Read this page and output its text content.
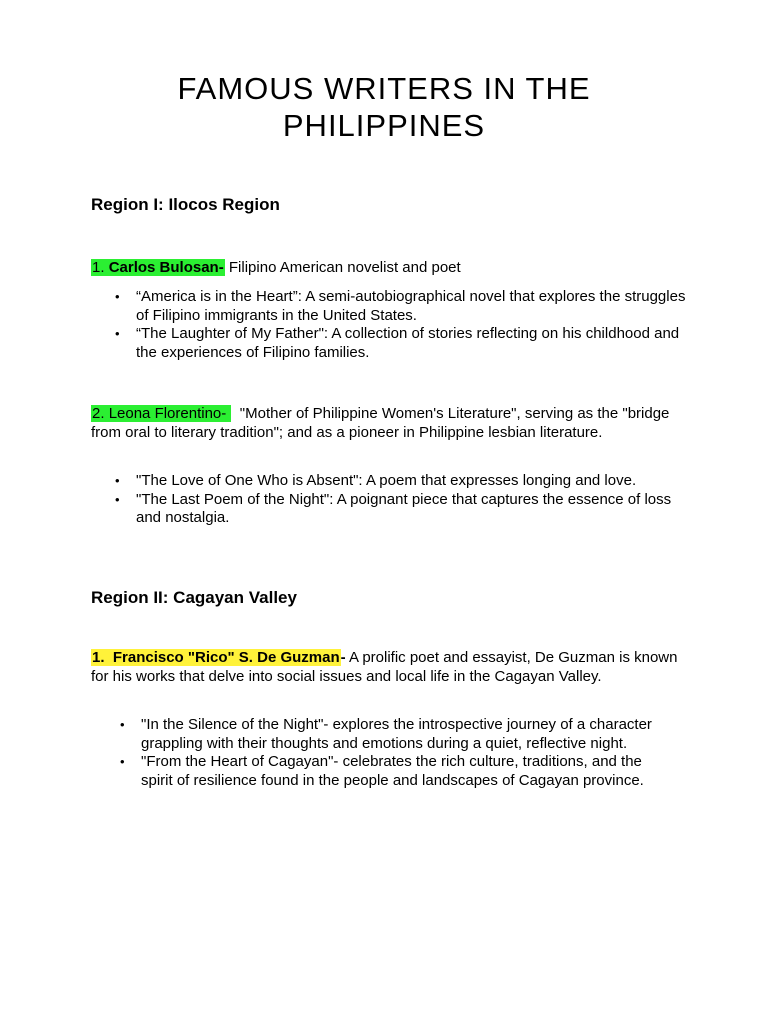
FAMOUS WRITERS IN THE
PHILIPPINES
Region I: Ilocos Region

1. Carlos Bulosan- Filipino American novelist and poet

• “America is in the Heart”: A semi-autobiographical novel that explores the struggles of Filipino immigrants in the United States.
• “The Laughter of My Father": A collection of stories reflecting on his childhood and the experiences of Filipino families.

2. Leona Florentino- "Mother of Philippine Women's Literature", serving as the "bridge from oral to literary tradition"; and as a pioneer in Philippine lesbian literature.

• "The Love of One Who is Absent": A poem that expresses longing and love.
• "The Last Poem of the Night": A poignant piece that captures the essence of loss and nostalgia.
Region II: Cagayan Valley

1. Francisco "Rico" S. De Guzman- A prolific poet and essayist, De Guzman is known for his works that delve into social issues and local life in the Cagayan Valley.

• "In the Silence of the Night"- explores the introspective journey of a character grappling with their thoughts and emotions during a quiet, reflective night.
• "From the Heart of Cagayan"- celebrates the rich culture, traditions, and the spirit of resilience found in the people and landscapes of Cagayan province.
